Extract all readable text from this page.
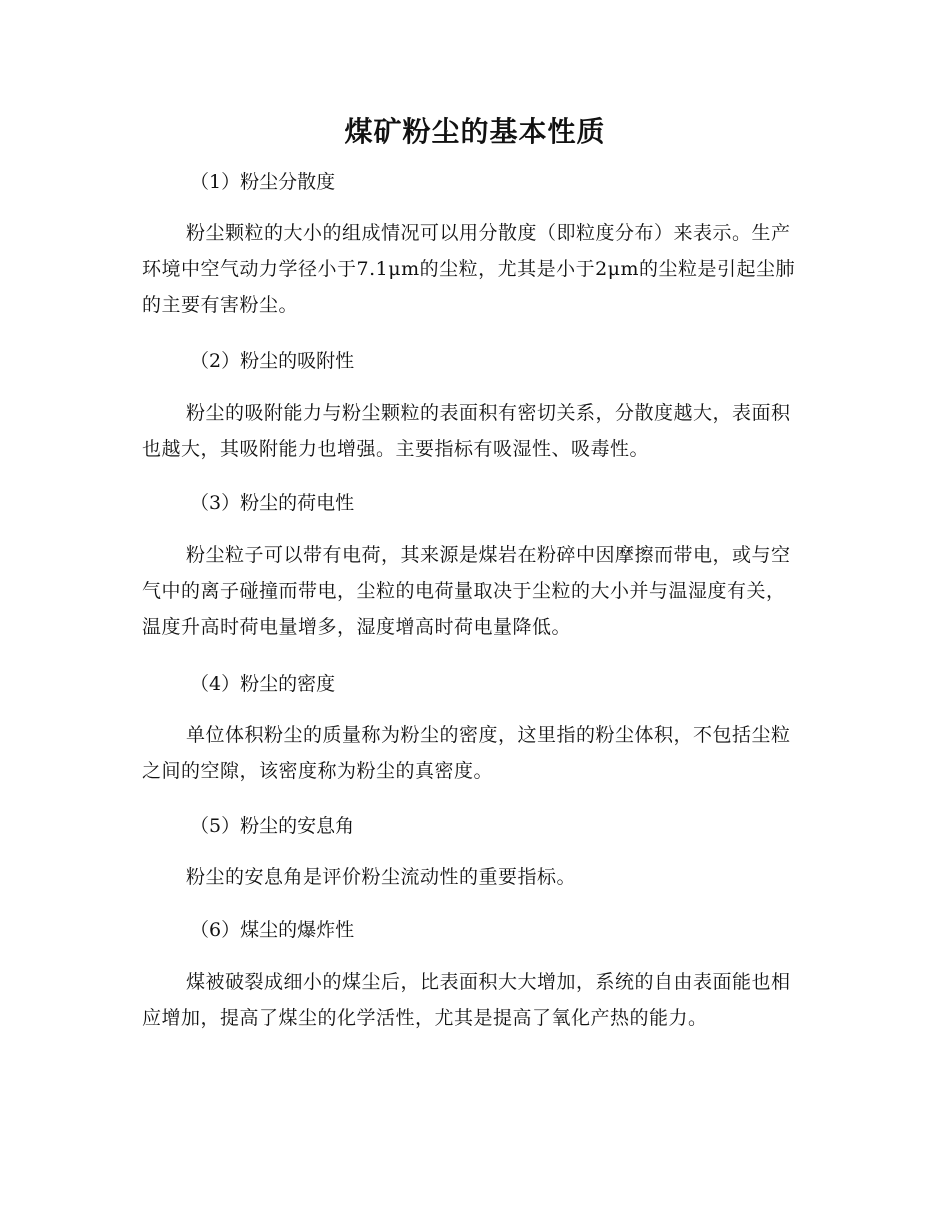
煤矿粉尘的基本性质

（1）粉尘分散度

粉尘颗粒的大小的组成情况可以用分散度（即粒度分布）来表示。生产环境中空气动力学径小于7.1μm的尘粒，尤其是小于2μm的尘粒是引起尘肺的主要有害粉尘。

（2）粉尘的吸附性

粉尘的吸附能力与粉尘颗粒的表面积有密切关系，分散度越大，表面积也越大，其吸附能力也增强。主要指标有吸湿性、吸毒性。

（3）粉尘的荷电性

粉尘粒子可以带有电荷，其来源是煤岩在粉碎中因摩擦而带电，或与空气中的离子碰撞而带电，尘粒的电荷量取决于尘粒的大小并与温湿度有关，温度升高时荷电量增多，湿度增高时荷电量降低。

（4）粉尘的密度

单位体积粉尘的质量称为粉尘的密度，这里指的粉尘体积，不包括尘粒之间的空隙，该密度称为粉尘的真密度。

（5）粉尘的安息角

粉尘的安息角是评价粉尘流动性的重要指标。

（6）煤尘的爆炸性

煤被破裂成细小的煤尘后，比表面积大大增加，系统的自由表面能也相应增加，提高了煤尘的化学活性，尤其是提高了氧化产热的能力。
